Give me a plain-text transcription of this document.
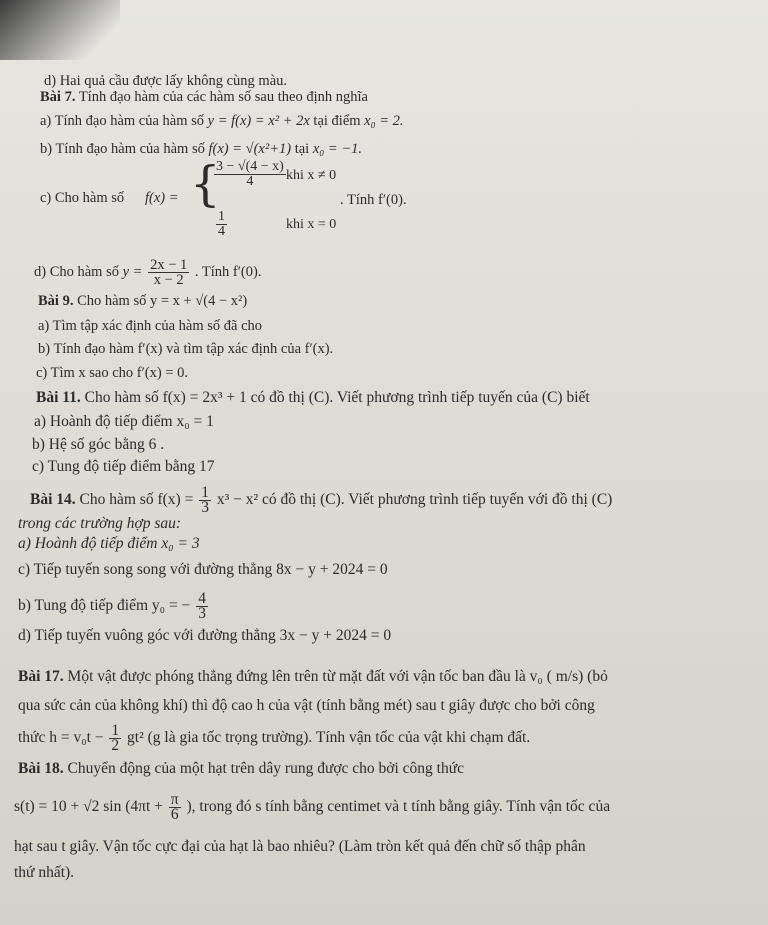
d) Hai quả cầu được lấy không cùng màu.
Bài 7. Tính đạo hàm của các hàm số sau theo định nghĩa
a) Tính đạo hàm của hàm số y = f(x) = x² + 2x tại điểm x₀ = 2.
b) Tính đạo hàm của hàm số f(x) = √(x²+1) tại x₀ = −1.
c) Cho hàm số f(x) = {
$\frac{3 - √(4 - x)}{4}$ khi x ≠ 0
$\frac{1}{4}$	khi x = 0
. Tính f′(0).
d) Cho hàm số $y = \frac{2x - 1}{x - 2}$ . Tính f′(0).
Bài 9. Cho hàm số y = x + √(4 − x²)
a) Tìm tập xác định của hàm số đã cho
b) Tính đạo hàm f′(x) và tìm tập xác định của f′(x).
c) Tìm x sao cho f′(x) = 0.
Bài 11. Cho hàm số f(x) = 2x³ + 1 có đồ thị (C). Viết phương trình tiếp tuyến của (C) biết
a) Hoành độ tiếp điểm x₀ = 1
b) Hệ số góc bằng 6 .
c) Tung độ tiếp điểm bằng 17
Bài 14. Cho hàm số $f(x) = \frac{1}{3} x^3 - x^2$ có đồ thị (C). Viết phương trình tiếp tuyến với đồ thị (C)
trong các trường hợp sau:
a) Hoành độ tiếp điểm x₀ = 3
c) Tiếp tuyến song song với đường thẳng 8x − y + 2024 = 0
b) Tung độ tiếp điểm y₀ = − $\frac{4}{3}$
d) Tiếp tuyến vuông góc với đường thẳng 3x − y + 2024 = 0
Bài 17. Một vật được phóng thẳng đứng lên trên từ mặt đất với vận tốc ban đầu là v₀ ( m/s) (bỏ
qua sức cản của không khí) thì độ cao h của vật (tính bằng mét) sau t giây được cho bởi công
thức $h = v_0t - \frac{1}{2} gt^2$ (g là gia tốc trọng trường). Tính vận tốc của vật khi chạm đất.
Bài 18. Chuyển động của một hạt trên dây rung được cho bởi công thức
s(t) = 10 + √2 $\sin (4\pi t + \frac{\pi}{6}$ ), trong đó s tính bằng centimet và t tính bằng giây. Tính vận tốc của
hạt sau t giây. Vận tốc cực đại của hạt là bao nhiêu? (Làm tròn kết quả đến chữ số thập phân
thứ nhất).
